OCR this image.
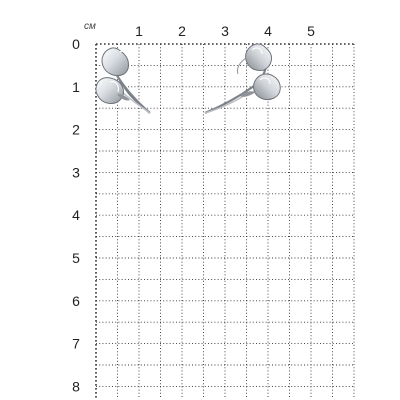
см	1	2	3	4	5
0
1
2
3
4
5
6
7
8
